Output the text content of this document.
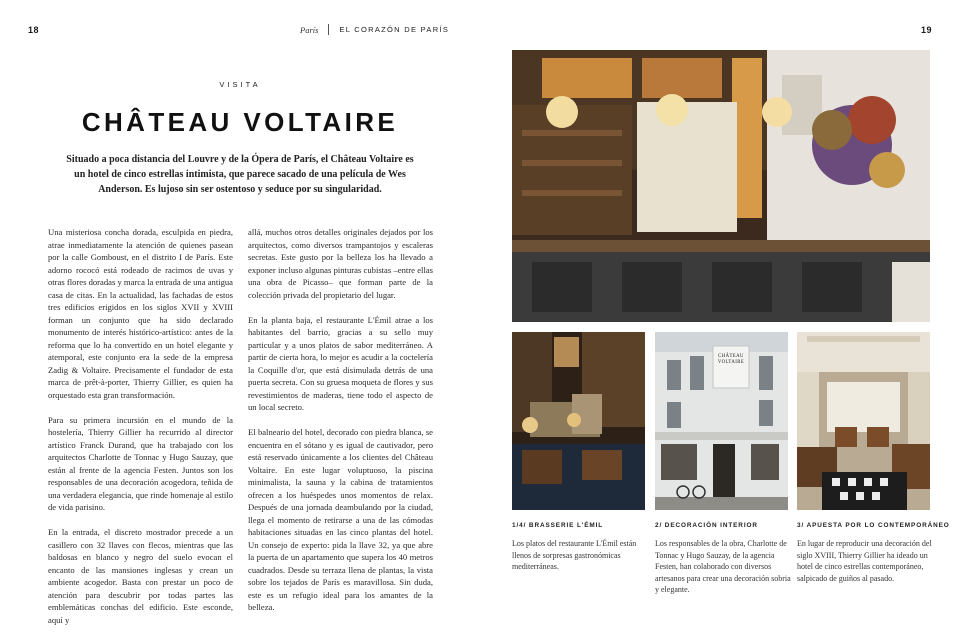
18	19
París	EL CORAZÓN DE PARÍS
VISITA
CHÂTEAU VOLTAIRE

Situado a poca distancia del Louvre y de la Ópera de París, el Château Voltaire es un hotel de cinco estrellas intimista, que parece sacado de una película de Wes Anderson. Es lujoso sin ser ostentoso y seduce por su singularidad.

Una misteriosa concha dorada, esculpida en piedra, atrae inmediatamente la atención de quienes pasean por la calle Gomboust, en el distrito I de París. Este adorno rococó está rodeado de racimos de uvas y otras flores doradas y marca la entrada de una antigua casa de citas. En la actualidad, las fachadas de estos tres edificios erigidos en los siglos XVII y XVIII forman un conjunto que ha sido declarado monumento de interés histórico-artístico: antes de la reforma que lo ha convertido en un hotel elegante y atemporal, este conjunto era la sede de la empresa Zadig & Voltaire. Precisamente el fundador de esta marca de prêt-à-porter, Thierry Gillier, es quien ha orquestado esta gran transformación.

Para su primera incursión en el mundo de la hostelería, Thierry Gillier ha recurrido al director artístico Franck Durand, que ha trabajado con los arquitectos Charlotte de Tonnac y Hugo Sauzay, que están al frente de la agencia Festen. Juntos son los responsables de una decoración acogedora, teñida de una verdadera elegancia, que rinde homenaje al estilo de vida parisino.

En la entrada, el discreto mostrador precede a un casillero con 32 llaves con flecos, mientras que las baldosas en blanco y negro del suelo evocan el encanto de las mansiones inglesas y crean un ambiente acogedor. Basta con prestar un poco de atención para descubrir por todas partes las emblemáticas conchas del edificio. Este esconde, aquí y

allá, muchos otros detalles originales dejados por los arquitectos, como diversos trampantojos y escaleras secretas. Este gusto por la belleza los ha llevado a exponer incluso algunas pinturas cubistas –entre ellas una obra de Picasso– que forman parte de la colección privada del propietario del lugar.

En la planta baja, el restaurante L'Émil atrae a los habitantes del barrio, gracias a su sello muy particular y a unos platos de sabor mediterráneo. A partir de cierta hora, lo mejor es acudir a la coctelería la Coquille d'or, que está disimulada detrás de una puerta secreta. Con su gruesa moqueta de flores y sus revestimientos de maderas, tiene todo el aspecto de un local secreto.

El balneario del hotel, decorado con piedra blanca, se encuentra en el sótano y es igual de cautivador, pero está reservado únicamente a los clientes del Château Voltaire. En este lugar voluptuoso, la piscina minimalista, la sauna y la cabina de tratamientos ofrecen a los huéspedes unos momentos de relax. Después de una jornada deambulando por la ciudad, llega el momento de retirarse a una de las cómodas habitaciones situadas en las cinco plantas del hotel. Un consejo de experto: pida la llave 32, ya que abre la puerta de un apartamento que supera los 40 metros cuadrados. Desde su terraza llena de plantas, la vista sobre los tejados de París es maravillosa. Sin duda, este es un refugio ideal para los amantes de la belleza.

CHÂTEAU
VOLTAIRE
1/4/ BRASSERIE L'ÉMIL
Los platos del restaurante L'Émil están llenos de sorpresas gastronómicas mediterráneas.
2/ DECORACIÓN INTERIOR
Los responsables de la obra, Charlotte de Tonnac y Hugo Sauzay, de la agencia Festen, han colaborado con diversos artesanos para crear una decoración sobria y elegante.
3/ APUESTA POR LO CONTEMPORÁNEO
En lugar de reproducir una decoración del siglo XVIII, Thierry Gillier ha ideado un hotel de cinco estrellas contemporáneo, salpicado de guiños al pasado.
